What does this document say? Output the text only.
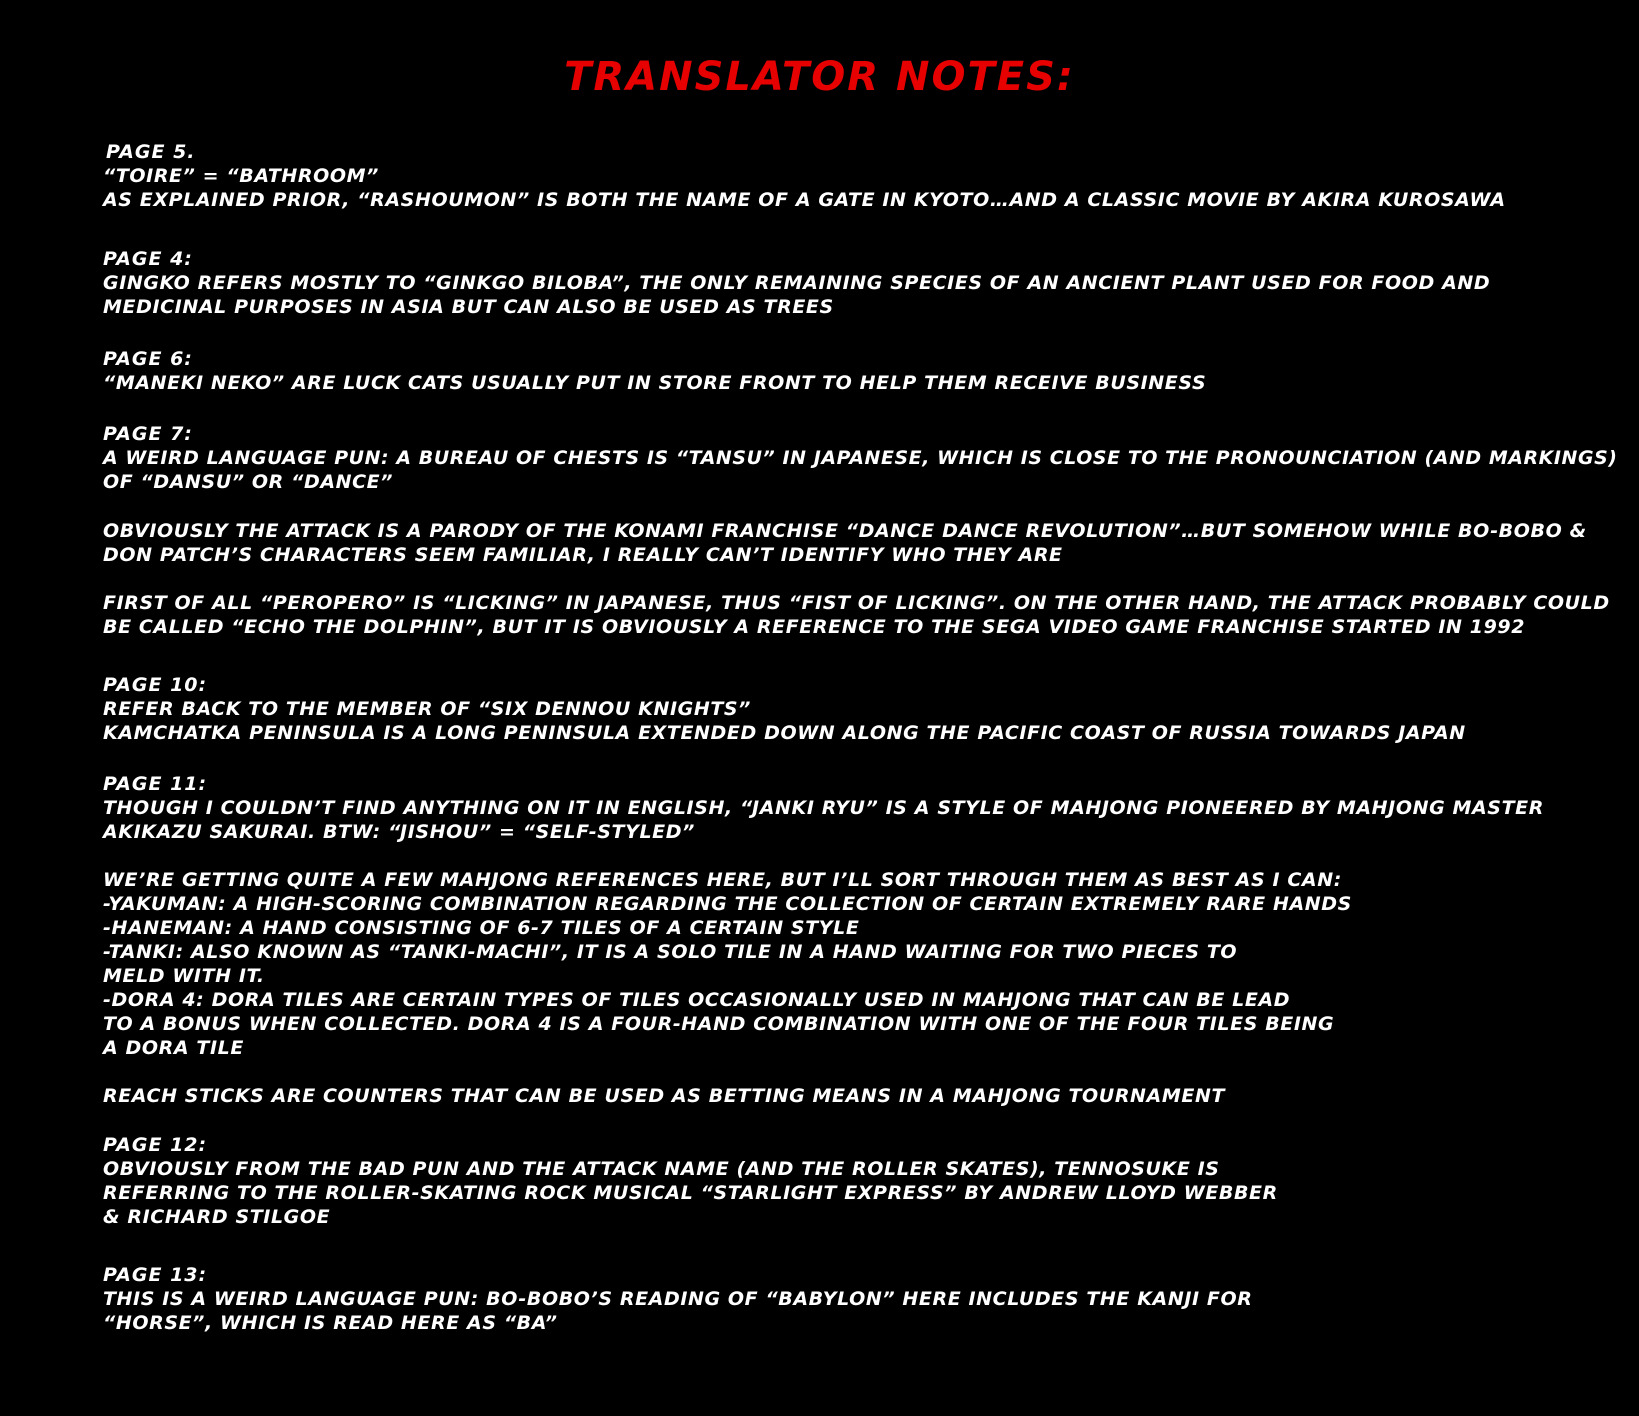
TRANSLATOR NOTES:

PAGE 5.

“TOIRE” = “BATHROOM”

AS EXPLAINED PRIOR, “RASHOUMON” IS BOTH THE NAME OF A GATE IN KYOTO…AND A CLASSIC MOVIE BY AKIRA KUROSAWA

PAGE 4:

GINGKO REFERS MOSTLY TO “GINKGO BILOBA”, THE ONLY REMAINING SPECIES OF AN ANCIENT PLANT USED FOR FOOD AND

MEDICINAL PURPOSES IN ASIA BUT CAN ALSO BE USED AS TREES

PAGE 6:

“MANEKI NEKO” ARE LUCK CATS USUALLY PUT IN STORE FRONT TO HELP THEM RECEIVE BUSINESS

PAGE 7:

A WEIRD LANGUAGE PUN: A BUREAU OF CHESTS IS “TANSU” IN JAPANESE, WHICH IS CLOSE TO THE PRONOUNCIATION (AND MARKINGS)

OF “DANSU” OR “DANCE”

OBVIOUSLY THE ATTACK IS A PARODY OF THE KONAMI FRANCHISE “DANCE DANCE REVOLUTION”…BUT SOMEHOW WHILE BO-BOBO &

DON PATCH’S CHARACTERS SEEM FAMILIAR, I REALLY CAN’T IDENTIFY WHO THEY ARE

FIRST OF ALL “PEROPERO” IS “LICKING” IN JAPANESE, THUS “FIST OF LICKING”. ON THE OTHER HAND, THE ATTACK PROBABLY COULD

BE CALLED “ECHO THE DOLPHIN”, BUT IT IS OBVIOUSLY A REFERENCE TO THE SEGA VIDEO GAME FRANCHISE STARTED IN 1992

PAGE 10:

REFER BACK TO THE MEMBER OF “SIX DENNOU KNIGHTS”

KAMCHATKA PENINSULA IS A LONG PENINSULA EXTENDED DOWN ALONG THE PACIFIC COAST OF RUSSIA TOWARDS JAPAN

PAGE 11:

THOUGH I COULDN’T FIND ANYTHING ON IT IN ENGLISH, “JANKI RYU” IS A STYLE OF MAHJONG PIONEERED BY MAHJONG MASTER

AKIKAZU SAKURAI. BTW: “JISHOU” = “SELF-STYLED”

WE’RE GETTING QUITE A FEW MAHJONG REFERENCES HERE, BUT I’LL SORT THROUGH THEM AS BEST AS I CAN:

-YAKUMAN: A HIGH-SCORING COMBINATION REGARDING THE COLLECTION OF CERTAIN EXTREMELY RARE HANDS

-HANEMAN: A HAND CONSISTING OF 6-7 TILES OF A CERTAIN STYLE

-TANKI: ALSO KNOWN AS “TANKI-MACHI”, IT IS A SOLO TILE IN A HAND WAITING FOR TWO PIECES TO

MELD WITH IT.

-DORA 4: DORA TILES ARE CERTAIN TYPES OF TILES OCCASIONALLY USED IN MAHJONG THAT CAN BE LEAD

TO A BONUS WHEN COLLECTED. DORA 4 IS A FOUR-HAND COMBINATION WITH ONE OF THE FOUR TILES BEING

A DORA TILE

REACH STICKS ARE COUNTERS THAT CAN BE USED AS BETTING MEANS IN A MAHJONG TOURNAMENT

PAGE 12:

OBVIOUSLY FROM THE BAD PUN AND THE ATTACK NAME (AND THE ROLLER SKATES), TENNOSUKE IS

REFERRING TO THE ROLLER-SKATING ROCK MUSICAL “STARLIGHT EXPRESS” BY ANDREW LLOYD WEBBER

& RICHARD STILGOE

PAGE 13:

THIS IS A WEIRD LANGUAGE PUN: BO-BOBO’S READING OF “BABYLON” HERE INCLUDES THE KANJI FOR

“HORSE”, WHICH IS READ HERE AS “BA”
